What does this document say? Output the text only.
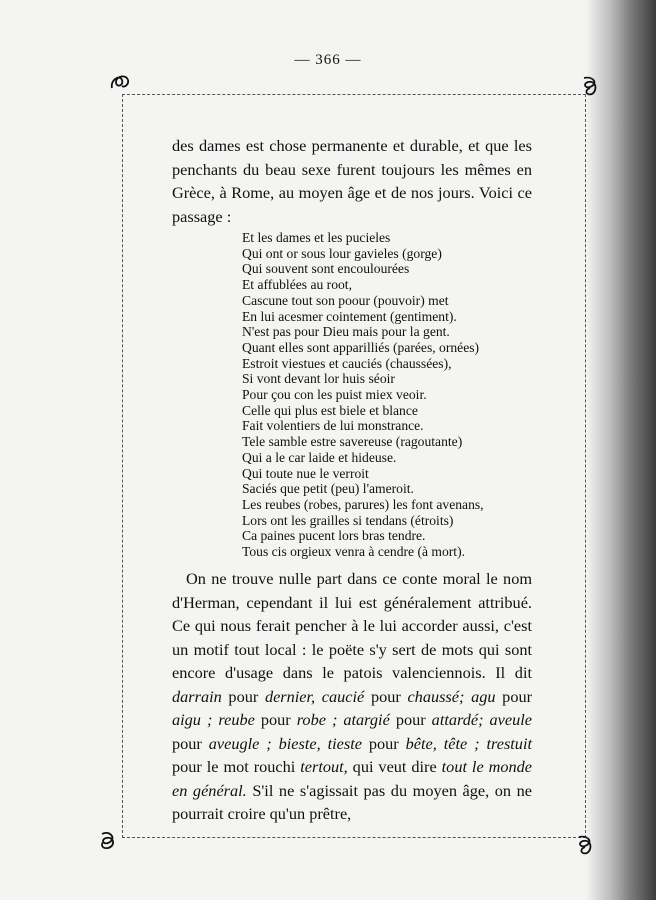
— 366 —

des dames est chose permanente et durable, et que les penchants du beau sexe furent toujours les mêmes en Grèce, à Rome, au moyen âge et de nos jours. Voici ce passage :

Et les dames et les pucieles
Qui ont or sous lour gavieles (gorge)
Qui souvent sont encoulourées
Et affublées au root,
Cascune tout son poour (pouvoir) met
En lui acesmer cointement (gentiment).
N'est pas pour Dieu mais pour la gent.
Quant elles sont apparilliés (parées, ornées)
Estroit viestues et cauciés (chaussées),
Si vont devant lor huis séoir
Pour çou con les puist miex veoir.
Celle qui plus est biele et blance
Fait volentiers de lui monstrance.
Tele samble estre savereuse (ragoutante)
Qui a le car laide et hideuse.
Qui toute nue le verroit
Saciés que petit (peu) l'ameroit.
Les reubes (robes, parures) les font avenans,
Lors ont les grailles si tendans (étroits)
Ca paines pucent lors bras tendre.
Tous cis orgieux venra à cendre (à mort).

On ne trouve nulle part dans ce conte moral le nom d'Herman, cependant il lui est généralement attribué. Ce qui nous ferait pencher à le lui accorder aussi, c'est un motif tout local : le poëte s'y sert de mots qui sont encore d'usage dans le patois valenciennois. Il dit darrain pour dernier, caucié pour chaussé; agu pour aigu ; reube pour robe ; atargié pour attardé; aveule pour aveugle ; bieste, tieste pour bête, tête ; trestuit pour le mot rouchi tertout, qui veut dire tout le monde en général. S'il ne s'agissait pas du moyen âge, on ne pourrait croire qu'un prêtre,
